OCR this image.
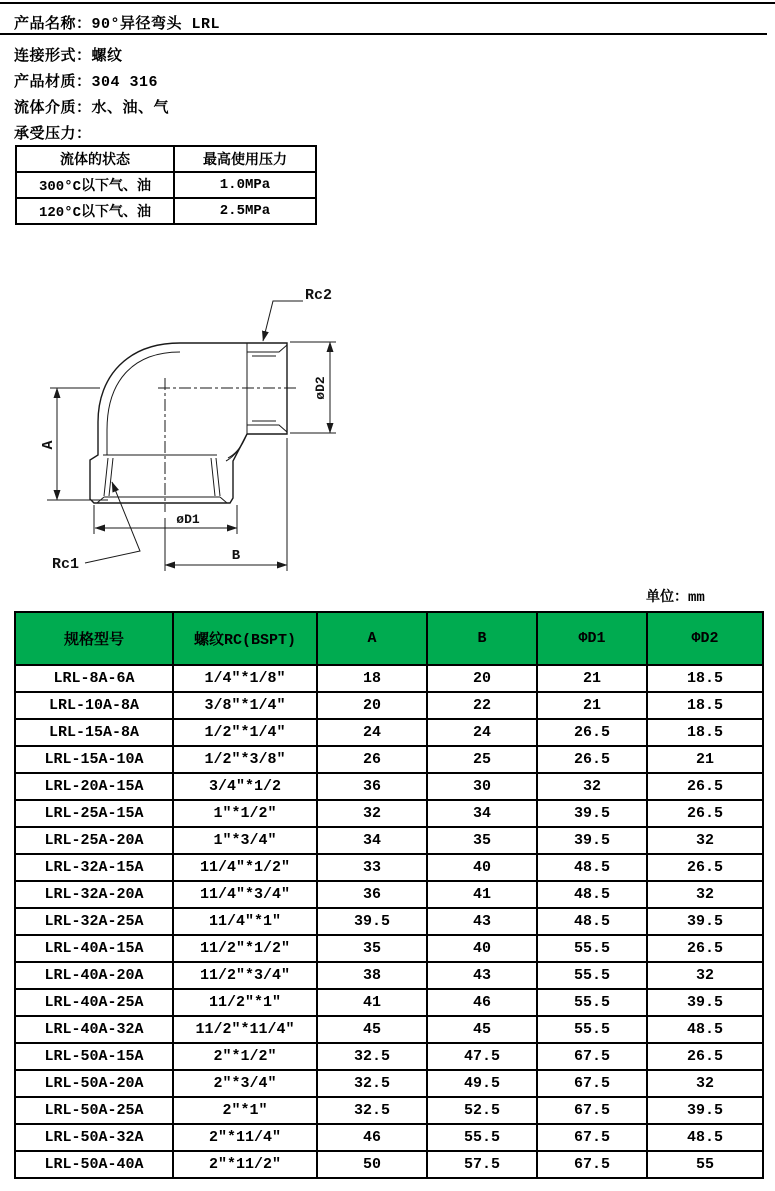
产品名称：90°异径弯头 LRL
连接形式：螺纹
产品材质：304 316
流体介质：水、油、气
承受压力：
流体的状态	最高使用压力
300°C以下气、油	1.0MPa
120°C以下气、油	2.5MPa
A
øD2
øD1
B
Rc2
Rc1
单位：mm
规格型号	螺纹RC(BSPT)	A	B	ΦD1	ΦD2
LRL-8A-6A	1/4″*1/8″	18	20	21	18.5
LRL-10A-8A	3/8″*1/4″	20	22	21	18.5
LRL-15A-8A	1/2″*1/4″	24	24	26.5	18.5
LRL-15A-10A	1/2″*3/8″	26	25	26.5	21
LRL-20A-15A	3/4″*1/2	36	30	32	26.5
LRL-25A-15A	1″*1/2″	32	34	39.5	26.5
LRL-25A-20A	1″*3/4″	34	35	39.5	32
LRL-32A-15A	11/4″*1/2″	33	40	48.5	26.5
LRL-32A-20A	11/4″*3/4″	36	41	48.5	32
LRL-32A-25A	11/4″*1″	39.5	43	48.5	39.5
LRL-40A-15A	11/2″*1/2″	35	40	55.5	26.5
LRL-40A-20A	11/2″*3/4″	38	43	55.5	32
LRL-40A-25A	11/2″*1″	41	46	55.5	39.5
LRL-40A-32A	11/2″*11/4″	45	45	55.5	48.5
LRL-50A-15A	2″*1/2″	32.5	47.5	67.5	26.5
LRL-50A-20A	2″*3/4″	32.5	49.5	67.5	32
LRL-50A-25A	2″*1″	32.5	52.5	67.5	39.5
LRL-50A-32A	2″*11/4″	46	55.5	67.5	48.5
LRL-50A-40A	2″*11/2″	50	57.5	67.5	55
